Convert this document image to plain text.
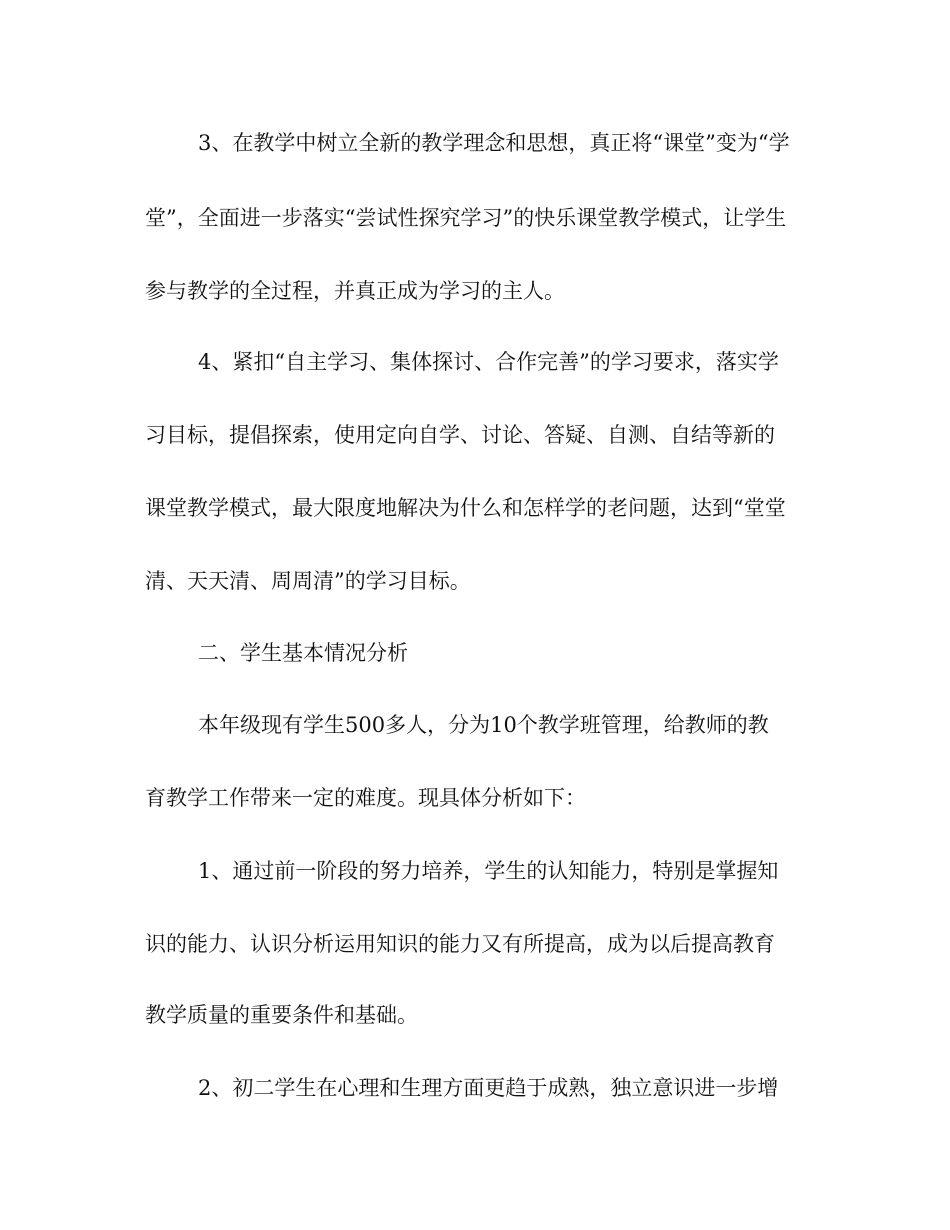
3、在教学中树立全新的教学理念和思想，真正将“课堂”变为“学
堂”，全面进一步落实“尝试性探究学习”的快乐课堂教学模式，让学生
参与教学的全过程，并真正成为学习的主人。
4、紧扣“自主学习、集体探讨、合作完善”的学习要求，落实学
习目标，提倡探索，使用定向自学、讨论、答疑、自测、自结等新的
课堂教学模式，最大限度地解决为什么和怎样学的老问题，达到“堂堂
清、天天清、周周清”的学习目标。
二、学生基本情况分析
本年级现有学生500多人，分为10个教学班管理，给教师的教
育教学工作带来一定的难度。现具体分析如下：
1、通过前一阶段的努力培养，学生的认知能力，特别是掌握知
识的能力、认识分析运用知识的能力又有所提高，成为以后提高教育
教学质量的重要条件和基础。
2、初二学生在心理和生理方面更趋于成熟，独立意识进一步增
